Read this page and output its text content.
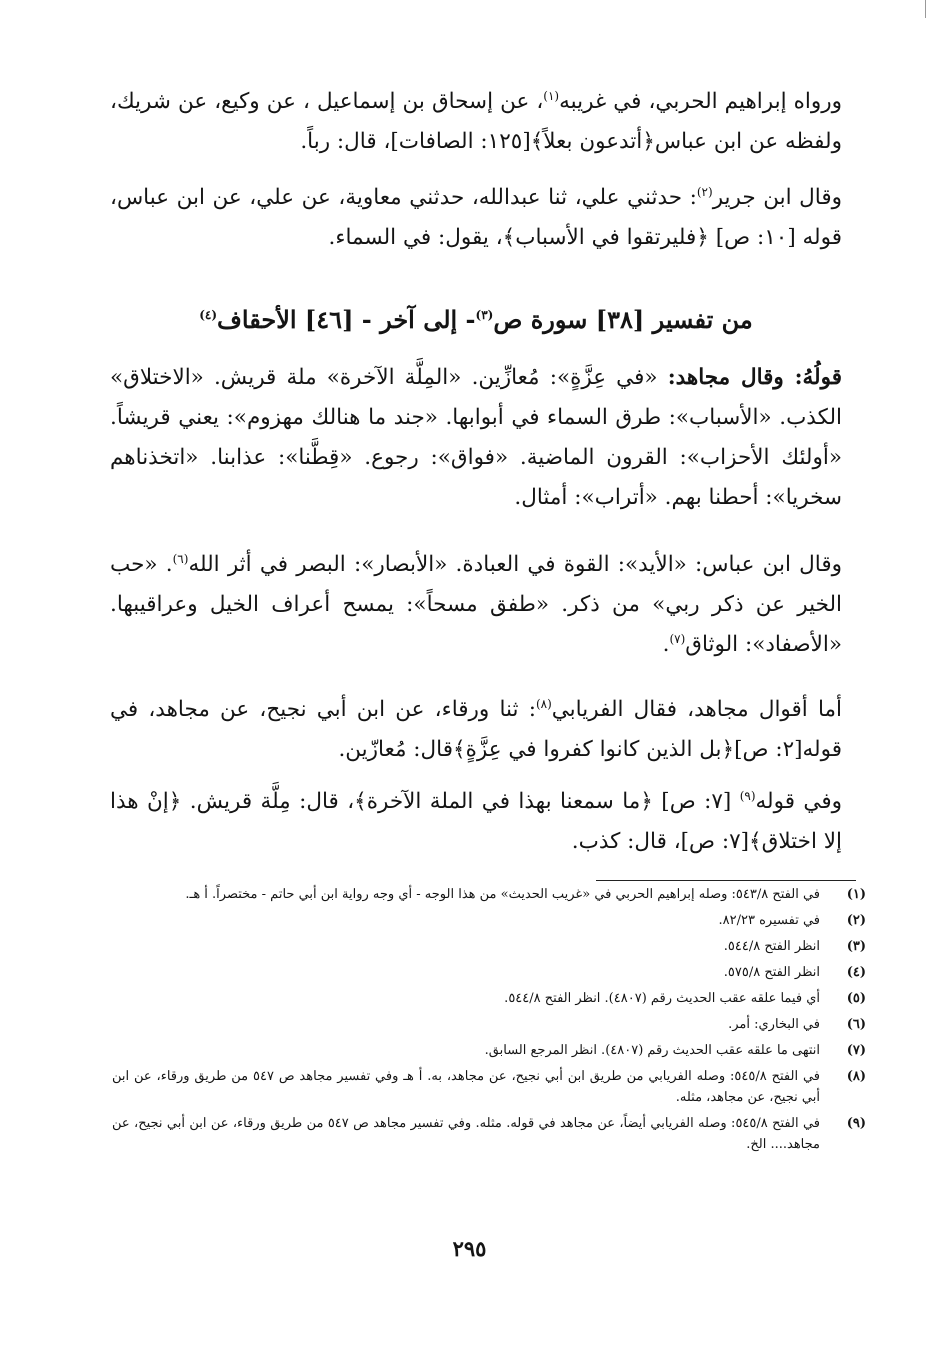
ورواه إبراهيم الحربي، في غريبه$^{(١)}$، عن إسحاق بن إسماعيل ، عن وكيع، عن شريك، ولفظه عن ابن عباس﴿أتدعون بعلاً﴾[١٢٥: الصافات]، قال: رباً.

وقال ابن جرير$^{(٢)}$: حدثني علي، ثنا عبدالله، حدثني معاوية، عن علي، عن ابن عباس، قوله [١٠: ص] ﴿فليرتقوا في الأسباب﴾، يقول: في السماء.

من تفسير [٣٨] سورة ص$^{(٣)}$- إلى آخر - [٤٦] الأحقاف$^{(٤)}$

قولُهُ: وقال مجاهد: «في عِزَّةٍ»: مُعازِّين. «المِلَّة الآخرة» ملة قريش. «الاختلاق» الكذب. «الأسباب»: طرق السماء في أبوابها. «جند ما هنالك مهزوم»: يعني قريشاً. «أولئك الأحزاب»: القرون الماضية. «فواق»: رجوع. «قِطَّنا»: عذابنا. «اتخذناهم سخريا»: أحطنا بهم. «أتراب»: أمثال.

وقال ابن عباس: «الأيد»: القوة في العبادة. «الأبصار»: البصر في أثر الله$^{(٦)}$. «حب الخير عن ذكر ربي» من ذكر. «طفق مسحاً»: يمسح أعراف الخيل وعراقيبها. «الأصفاد»: الوثاق$^{(٧)}$.

أما أقوال مجاهد، فقال الفريابي$^{(٨)}$: ثنا ورقاء، عن ابن أبي نجيح، عن مجاهد، في قوله[٢: ص]﴿بل الذين كانوا كفروا في عِزَّةٍ﴾قال: مُعازّين.

وفي قوله$^{(٩)}$ [٧: ص] ﴿ما سمعنا بهذا في الملة الآخرة﴾، قال: مِلَّة قريش. ﴿إنْ هذا إلا اختلاق﴾[٧: ص]، قال: كذب.

(١)
في الفتح ٥٤٣/٨: وصله إبراهيم الحربي في «غريب الحديث» من هذا الوجه - أي وجه رواية ابن أبي حاتم - مختصراً. أ هـ.
(٢)
في تفسيره ٨٢/٢٣.
(٣)
انظر الفتح ٥٤٤/٨.
(٤)
انظر الفتح ٥٧٥/٨.
(٥)
أي فيما علقه عقب الحديث رقم (٤٨٠٧). انظر الفتح ٥٤٤/٨.
(٦)
في البخاري: أمر.
(٧)
انتهى ما علقه عقب الحديث رقم (٤٨٠٧). انظر المرجع السابق.
(٨)
في الفتح ٥٤٥/٨: وصله الفريابي من طريق ابن أبي نجيح، عن مجاهد، به. أ هـ وفي تفسير مجاهد ص ٥٤٧ من طريق ورقاء، عن ابن أبي نجيح، عن مجاهد، مثله.
(٩)
في الفتح ٥٤٥/٨: وصله الفريابي أيضاً، عن مجاهد في قوله. مثله. وفي تفسير مجاهد ص ٥٤٧ من طريق ورقاء، عن ابن أبي نجيح، عن مجاهد.... الخ.
٢٩٥
